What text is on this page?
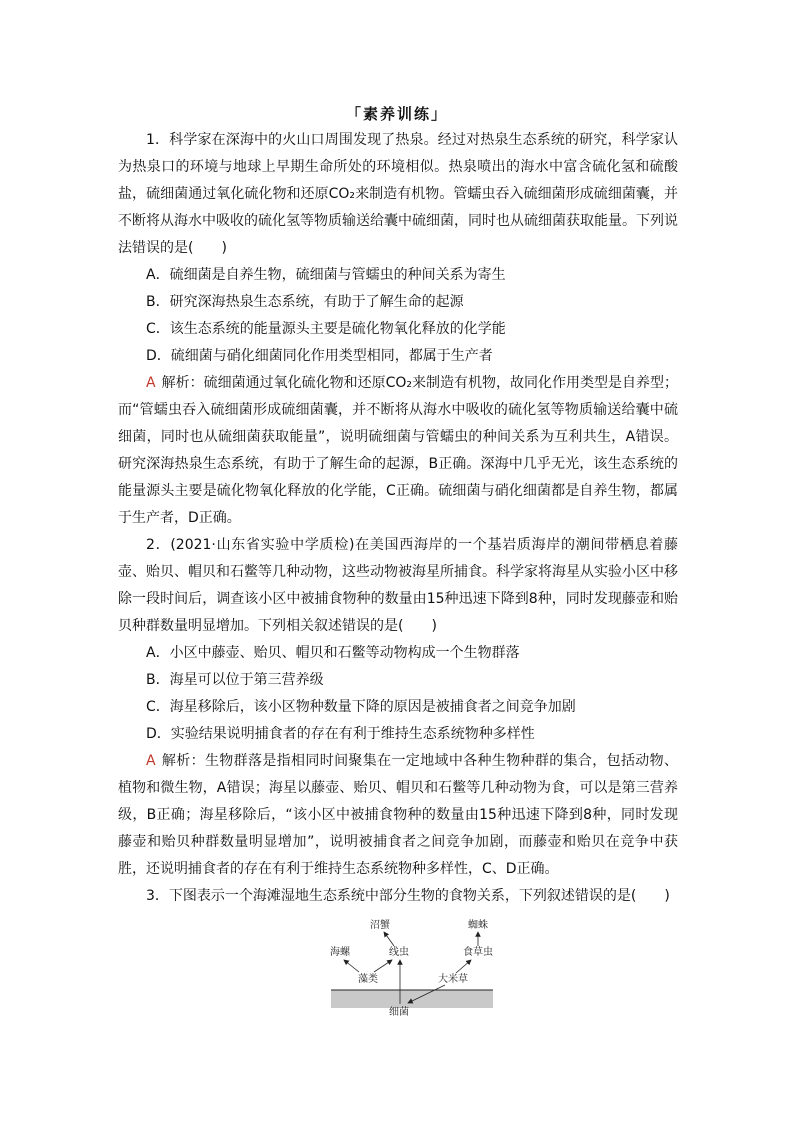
「素养训练」

1．科学家在深海中的火山口周围发现了热泉。经过对热泉生态系统的研究，科学家认为热泉口的环境与地球上早期生命所处的环境相似。热泉喷出的海水中富含硫化氢和硫酸盐，硫细菌通过氧化硫化物和还原CO₂来制造有机物。管蠕虫吞入硫细菌形成硫细菌囊，并不断将从海水中吸收的硫化氢等物质输送给囊中硫细菌，同时也从硫细菌获取能量。下列说法错误的是(　　)

A．硫细菌是自养生物，硫细菌与管蠕虫的种间关系为寄生

B．研究深海热泉生态系统，有助于了解生命的起源

C．该生态系统的能量源头主要是硫化物氧化释放的化学能

D．硫细菌与硝化细菌同化作用类型相同，都属于生产者

A 解析：硫细菌通过氧化硫化物和还原CO₂来制造有机物，故同化作用类型是自养型；而“管蠕虫吞入硫细菌形成硫细菌囊，并不断将从海水中吸收的硫化氢等物质输送给囊中硫细菌，同时也从硫细菌获取能量”，说明硫细菌与管蠕虫的种间关系为互利共生，A错误。研究深海热泉生态系统，有助于了解生命的起源，B正确。深海中几乎无光，该生态系统的能量源头主要是硫化物氧化释放的化学能，C正确。硫细菌与硝化细菌都是自养生物，都属于生产者，D正确。

2．(2021·山东省实验中学质检)在美国西海岸的一个基岩质海岸的潮间带栖息着藤壶、贻贝、帽贝和石鳖等几种动物，这些动物被海星所捕食。科学家将海星从实验小区中移除一段时间后，调查该小区中被捕食物种的数量由15种迅速下降到8种，同时发现藤壶和贻贝种群数量明显增加。下列相关叙述错误的是(　　)

A．小区中藤壶、贻贝、帽贝和石鳖等动物构成一个生物群落

B．海星可以位于第三营养级

C．海星移除后，该小区物种数量下降的原因是被捕食者之间竞争加剧

D．实验结果说明捕食者的存在有利于维持生态系统物种多样性

A 解析：生物群落是指相同时间聚集在一定地域中各种生物种群的集合，包括动物、植物和微生物，A错误；海星以藤壶、贻贝、帽贝和石鳖等几种动物为食，可以是第三营养级，B正确；海星移除后，“该小区中被捕食物种的数量由15种迅速下降到8种，同时发现藤壶和贻贝种群数量明显增加”，说明被捕食者之间竞争加剧，而藤壶和贻贝在竞争中获胜，还说明捕食者的存在有利于维持生态系统物种多样性，C、D正确。

3．下图表示一个海滩湿地生态系统中部分生物的食物关系，下列叙述错误的是(　　)

沼蟹	蜘蛛
海螺	线虫	食草虫
藻类	大米草
细菌
